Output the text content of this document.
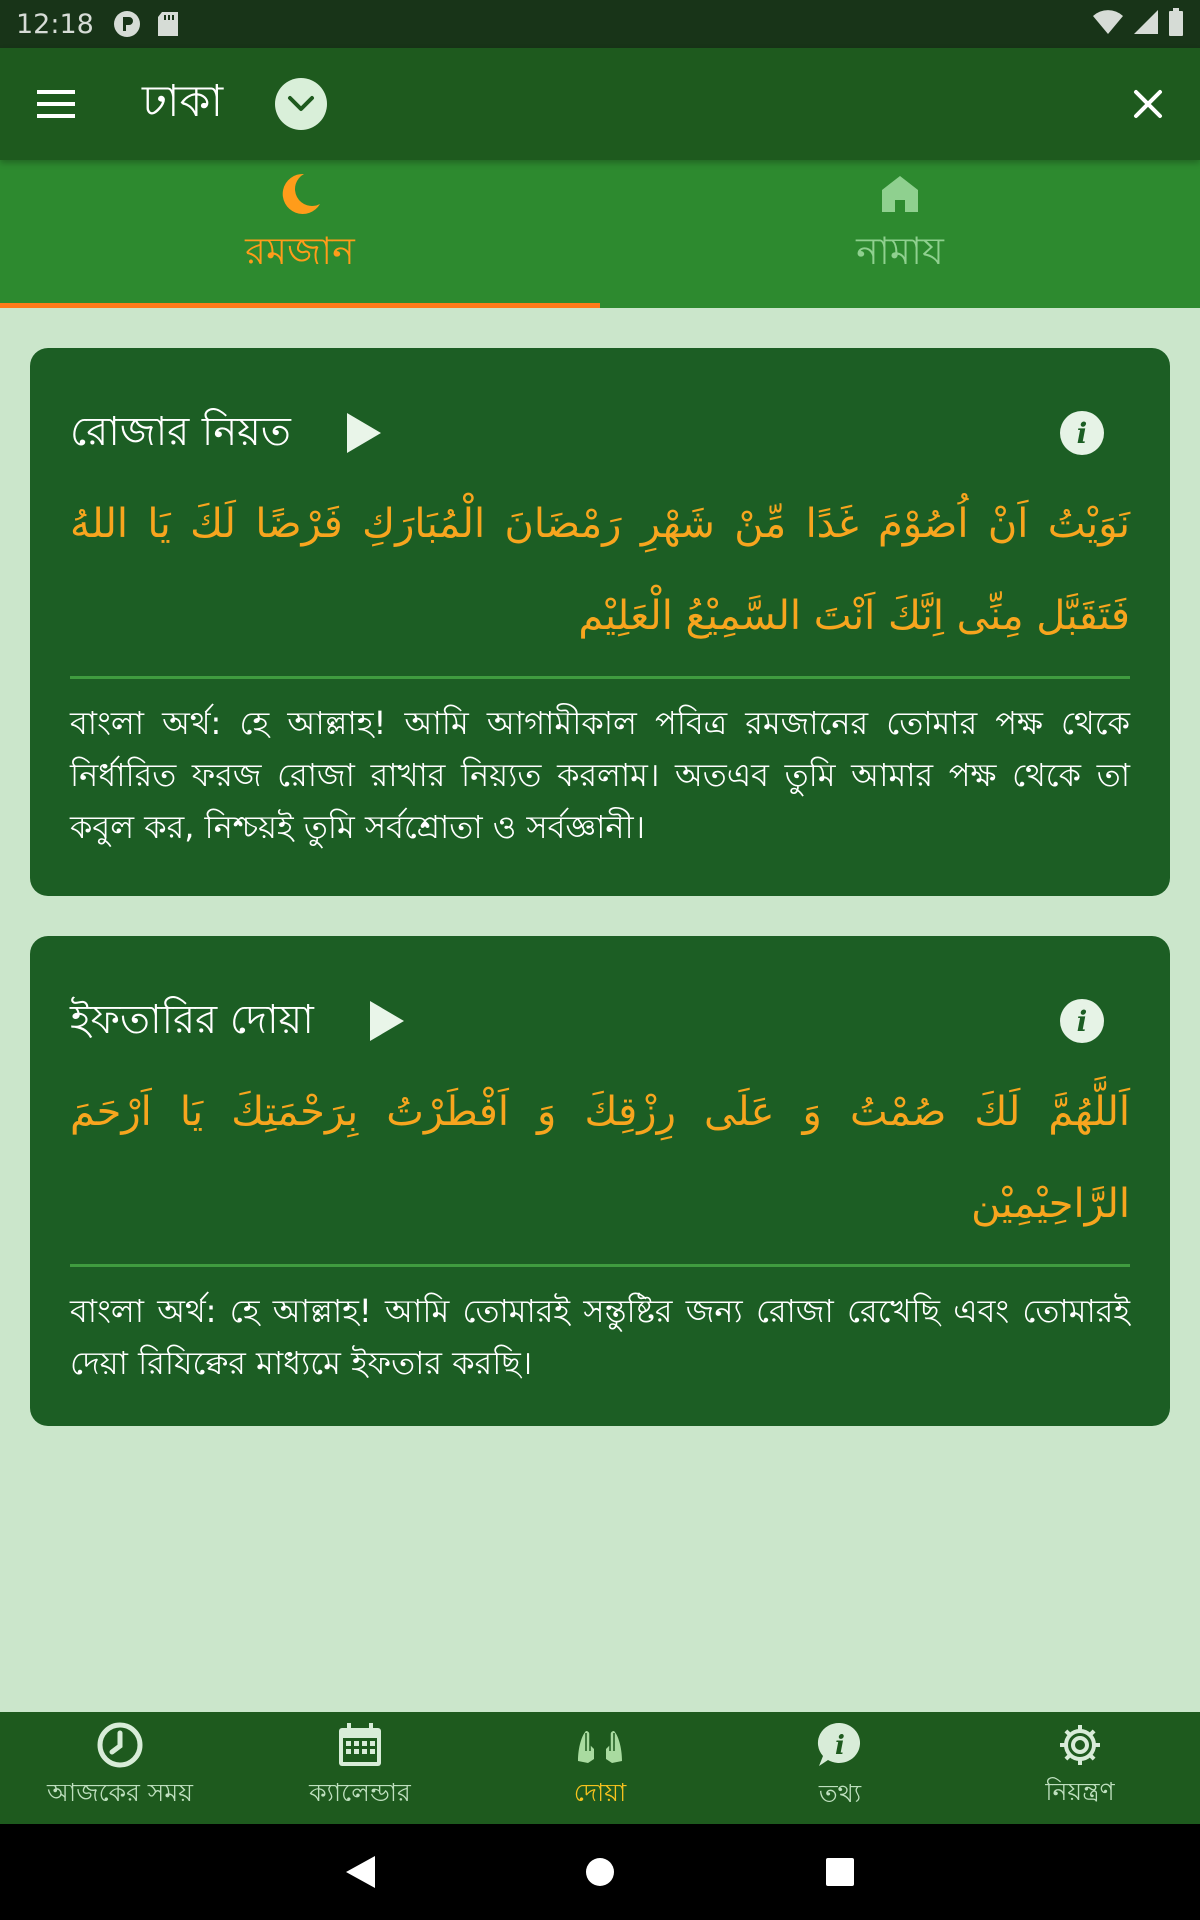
12:18
ঢাকা
রমজান	নামায
রোজার নিয়ত	i
نَوَيْتُ اَنْ اُصُوْمَ غَدًا مِّنْ شَهْرِ رَمْضَانَ الْمُبَارَكِ فَرْضًا لَكَ يَا اللهُ فَتَقَبَّل مِنِّى اِنَّكَ اَنْتَ السَّمِيْعُ الْعَلِيْم
বাংলা অর্থ: হে আল্লাহ! আমি আগামীকাল পবিত্র রমজানের তোমার পক্ষ থেকে নির্ধারিত ফরজ রোজা রাখার নিয়্যত করলাম। অতএব তুমি আমার পক্ষ থেকে তা কবুল কর, নিশ্চয়ই তুমি সর্বশ্রোতা ও সর্বজ্ঞানী।
ইফতারির দোয়া	i
اَللَّهُمَّ لَكَ صُمْتُ وَ عَلَى رِزْقِكَ وَ اَفْطَرْتُ بِرَحْمَتِكَ يَا اَرْحَمَ الرَّاحِيْمِيْن
বাংলা অর্থ: হে আল্লাহ! আমি তোমারই সন্তুষ্টির জন্য রোজা রেখেছি এবং তোমারই দেয়া রিযিক্বের মাধ্যমে ইফতার করছি।
আজকের সময়	ক্যালেন্ডার	দোয়া
i
তথ্য	নিয়ন্ত্রণ
